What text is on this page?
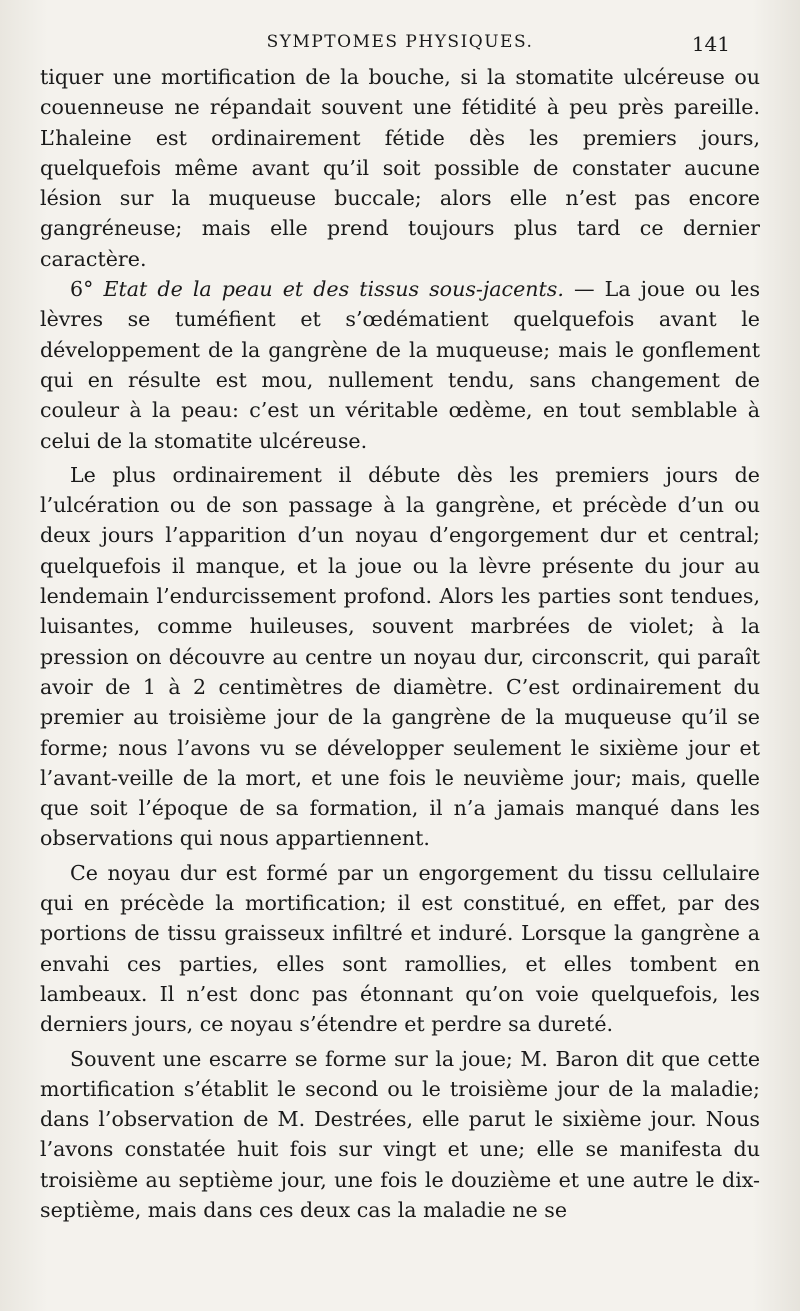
SYMPTOMES PHYSIQUES.	141

tiquer une mortification de la bouche, si la stomatite ulcéreuse ou couenneuse ne répandait souvent une fétidité à peu près pareille. L’haleine est ordinairement fétide dès les premiers jours, quelquefois même avant qu’il soit possible de constater aucune lésion sur la muqueuse buccale; alors elle n’est pas encore gangréneuse; mais elle prend toujours plus tard ce dernier caractère.

6° Etat de la peau et des tissus sous-jacents. — La joue ou les lèvres se tuméfient et s’œdématient quelquefois avant le développement de la gangrène de la muqueuse; mais le gonflement qui en résulte est mou, nullement tendu, sans changement de couleur à la peau: c’est un véritable œdème, en tout semblable à celui de la stomatite ulcéreuse.

Le plus ordinairement il débute dès les premiers jours de l’ulcération ou de son passage à la gangrène, et précède d’un ou deux jours l’apparition d’un noyau d’engorgement dur et central; quelquefois il manque, et la joue ou la lèvre présente du jour au lendemain l’endurcissement profond. Alors les parties sont tendues, luisantes, comme huileuses, souvent marbrées de violet; à la pression on découvre au centre un noyau dur, circonscrit, qui paraît avoir de 1 à 2 centimètres de diamètre. C’est ordinairement du premier au troisième jour de la gangrène de la muqueuse qu’il se forme; nous l’avons vu se développer seulement le sixième jour et l’avant-veille de la mort, et une fois le neuvième jour; mais, quelle que soit l’époque de sa formation, il n’a jamais manqué dans les observations qui nous appartiennent.

Ce noyau dur est formé par un engorgement du tissu cellulaire qui en précède la mortification; il est constitué, en effet, par des portions de tissu graisseux infiltré et induré. Lorsque la gangrène a envahi ces parties, elles sont ramollies, et elles tombent en lambeaux. Il n’est donc pas étonnant qu’on voie quelquefois, les derniers jours, ce noyau s’étendre et perdre sa dureté.

Souvent une escarre se forme sur la joue; M. Baron dit que cette mortification s’établit le second ou le troisième jour de la maladie; dans l’observation de M. Destrées, elle parut le sixième jour. Nous l’avons constatée huit fois sur vingt et une; elle se manifesta du troisième au septième jour, une fois le douzième et une autre le dix-septième, mais dans ces deux cas la maladie ne se
